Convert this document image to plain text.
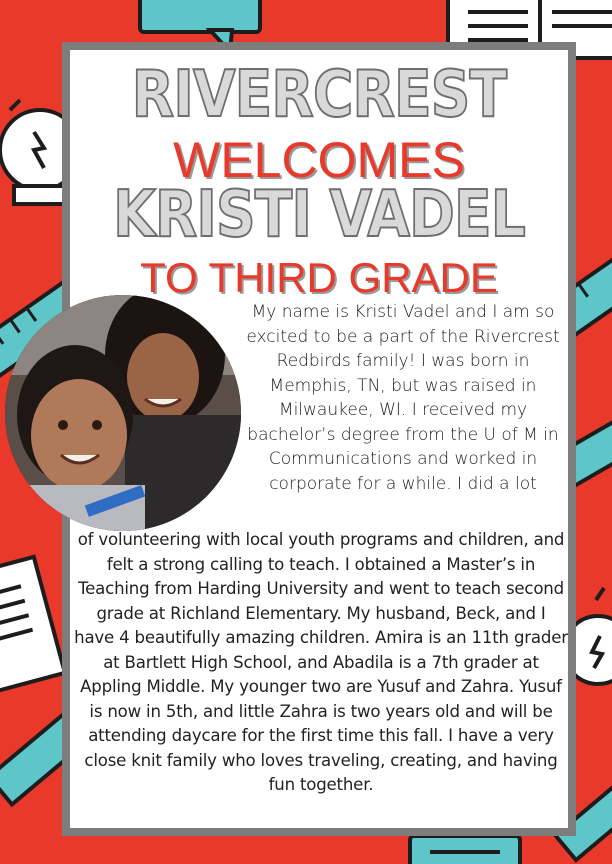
RIVERCREST
WELCOMES
KRISTI VADEL
TO THIRD GRADE
My name is Kristi Vadel and I am so excited to be a part of the Rivercrest Redbirds family! I was born in Memphis, TN, but was raised in Milwaukee, WI. I received my bachelor’s degree from the U of M in Communications and worked in corporate for a while. I did a lot
of volunteering with local youth programs and children, and felt a strong calling to teach. I obtained a Master’s in Teaching from Harding University and went to teach second grade at Richland Elementary. My husband, Beck, and I have 4 beautifully amazing children. Amira is an 11th grader at Bartlett High School, and Abadila is a 7th grader at Appling Middle. My younger two are Yusuf and Zahra. Yusuf is now in 5th, and little Zahra is two years old and will be attending daycare for the first time this fall. I have a very close knit family who loves traveling, creating, and having fun together.
